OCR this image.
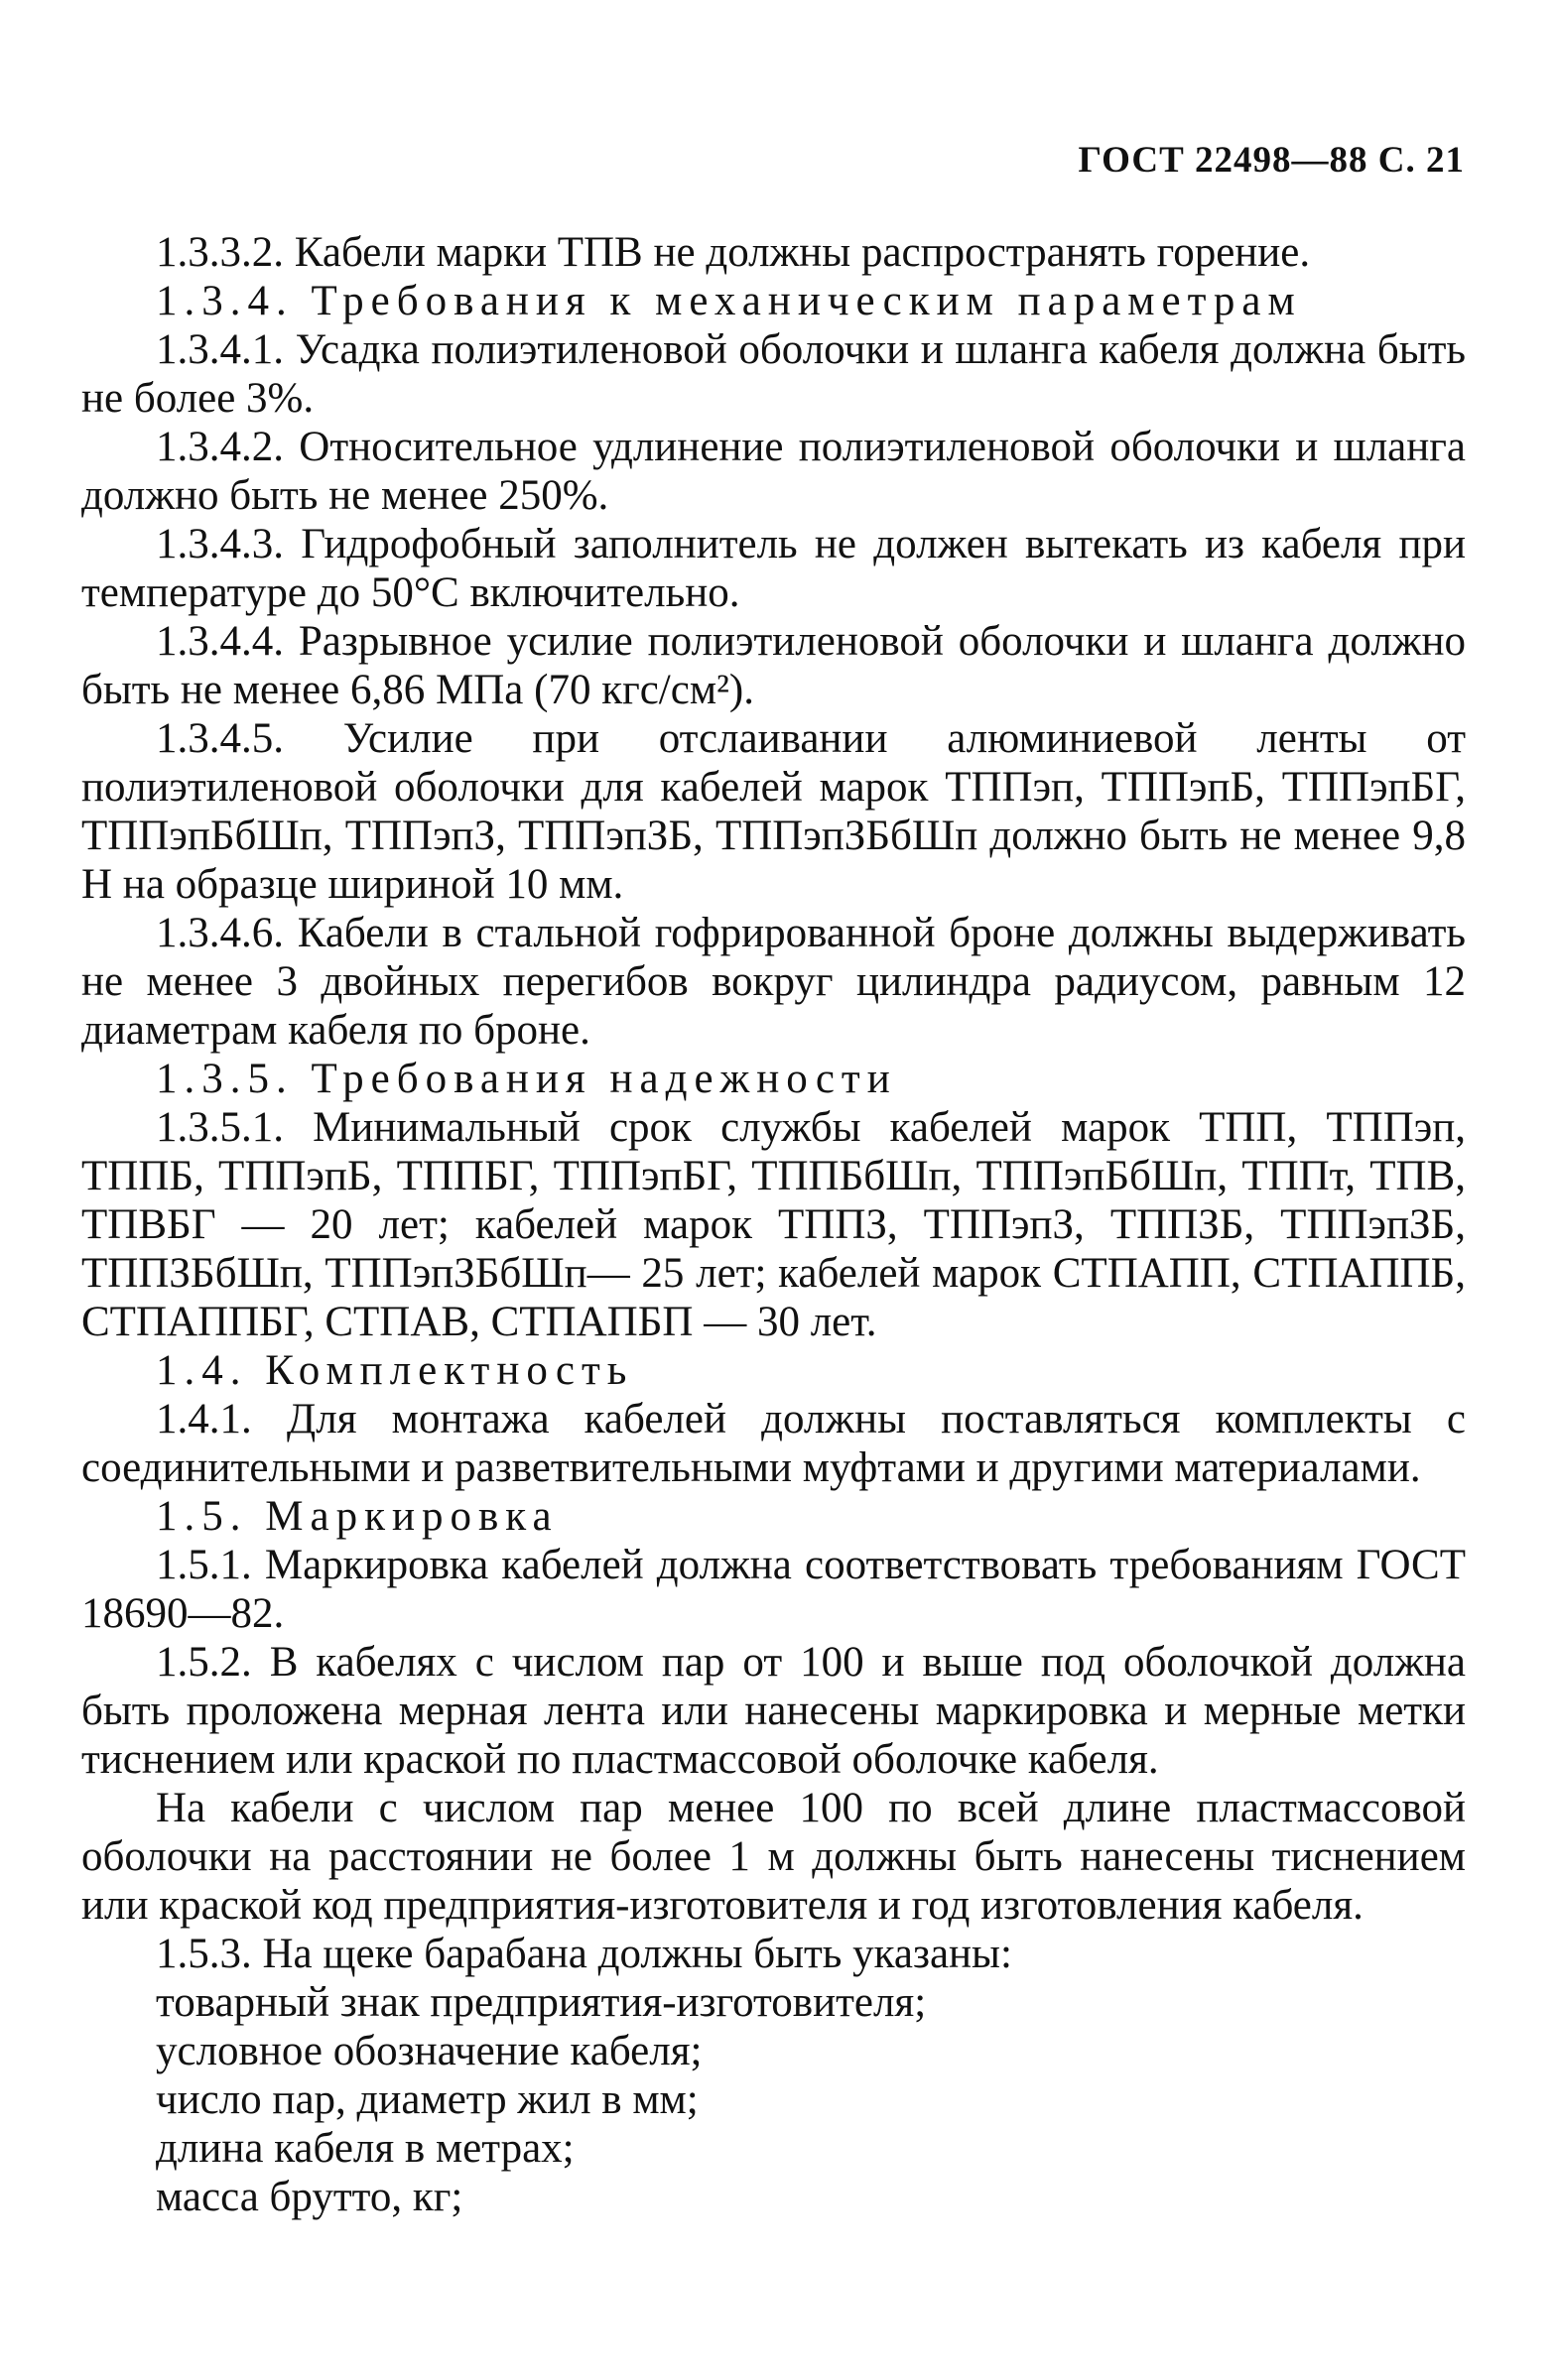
ГОСТ 22498—88 С. 21

1.3.3.2. Кабели марки ТПВ не должны распространять горение.

1.3.4. Требования к механическим параметрам

1.3.4.1. Усадка полиэтиленовой оболочки и шланга кабеля должна быть не более 3%.

1.3.4.2. Относительное удлинение полиэтиленовой оболочки и шланга должно быть не менее 250%.

1.3.4.3. Гидрофобный заполнитель не должен вытекать из кабеля при температуре до 50°С включительно.

1.3.4.4. Разрывное усилие полиэтиленовой оболочки и шланга должно быть не менее 6,86 МПа (70 кгс/см²).

1.3.4.5. Усилие при отслаивании алюминиевой ленты от полиэтиленовой оболочки для кабелей марок ТППэп, ТППэпБ, ТППэпБГ, ТППэпБбШп, ТППэпЗ, ТППэпЗБ, ТППэпЗБбШп должно быть не менее 9,8 Н на образце шириной 10 мм.

1.3.4.6. Кабели в стальной гофрированной броне должны выдерживать не менее 3 двойных перегибов вокруг цилиндра радиусом, равным 12 диаметрам кабеля по броне.

1.3.5. Требования надежности

1.3.5.1. Минимальный срок службы кабелей марок ТПП, ТППэп, ТППБ, ТППэпБ, ТППБГ, ТППэпБГ, ТППБбШп, ТППэпБбШп, ТППт, ТПВ, ТПВБГ — 20 лет; кабелей марок ТППЗ, ТППэпЗ, ТППЗБ, ТППэпЗБ, ТППЗБбШп, ТППэпЗБбШп— 25 лет; кабелей марок СТПАПП, СТПАППБ, СТПАППБГ, СТПАВ, СТПАПБП — 30 лет.

1.4. Комплектность

1.4.1. Для монтажа кабелей должны поставляться комплекты с соединительными и разветвительными муфтами и другими материалами.

1.5. Маркировка

1.5.1. Маркировка кабелей должна соответствовать требованиям ГОСТ 18690—82.

1.5.2. В кабелях с числом пар от 100 и выше под оболочкой должна быть проложена мерная лента или нанесены маркировка и мерные метки тиснением или краской по пластмассовой оболочке кабеля.

На кабели с числом пар менее 100 по всей длине пластмассовой оболочки на расстоянии не более 1 м должны быть нанесены тиснением или краской код предприятия-изготовителя и год изготовления кабеля.

1.5.3. На щеке барабана должны быть указаны:

товарный знак предприятия-изготовителя;
условное обозначение кабеля;
число пар, диаметр жил в мм;
длина кабеля в метрах;
масса брутто, кг;
